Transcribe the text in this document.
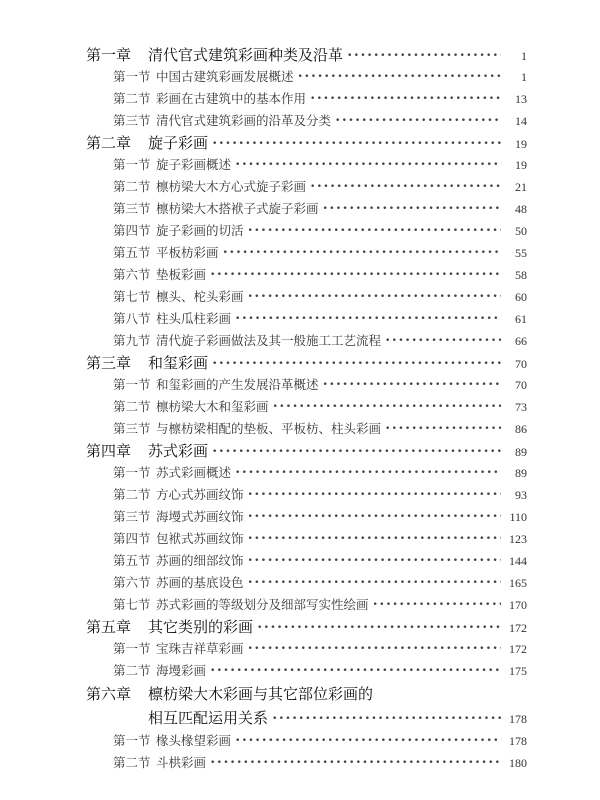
第一章	清代官式建筑彩画种类及沿革 •••••	1
第一节 中国古建筑彩画发展概述 •••••	1
第二节 彩画在古建筑中的基本作用 •••••	13
第三节 清代官式建筑彩画的沿革及分类 •••••	14
第二章	旋子彩画 •••••	19
第一节 旋子彩画概述 •••••	19
第二节 檩枋梁大木方心式旋子彩画 •••••	21
第三节 檩枋梁大木搭袱子式旋子彩画 •••••	48
第四节 旋子彩画的切活 •••••	50
第五节 平板枋彩画 •••••	55
第六节 垫板彩画 •••••	58
第七节 檩头、柁头彩画 •••••	60
第八节 柱头瓜柱彩画 •••••	61
第九节 清代旋子彩画做法及其一般施工工艺流程 •••••	66
第三章	和玺彩画 •••••	70
第一节 和玺彩画的产生发展沿革概述 •••••	70
第二节 檩枋梁大木和玺彩画 •••••	73
第三节 与檩枋梁相配的垫板、平板枋、柱头彩画 •••••	86
第四章	苏式彩画 •••••	89
第一节 苏式彩画概述 •••••	89
第二节 方心式苏画纹饰 •••••	93
第三节 海墁式苏画纹饰 •••••	110
第四节 包袱式苏画纹饰 •••••	123
第五节 苏画的细部纹饰 •••••	144
第六节 苏画的基底设色 •••••	165
第七节 苏式彩画的等级划分及细部写实性绘画 •••••	170
第五章	其它类别的彩画 •••••	172
第一节 宝珠吉祥草彩画 •••••	172
第二节 海墁彩画 •••••	175
第六章	檩枋梁大木彩画与其它部位彩画的
相互匹配运用关系 •••••	178
第一节 椽头椽望彩画 •••••	178
第二节 斗栱彩画 •••••	180
